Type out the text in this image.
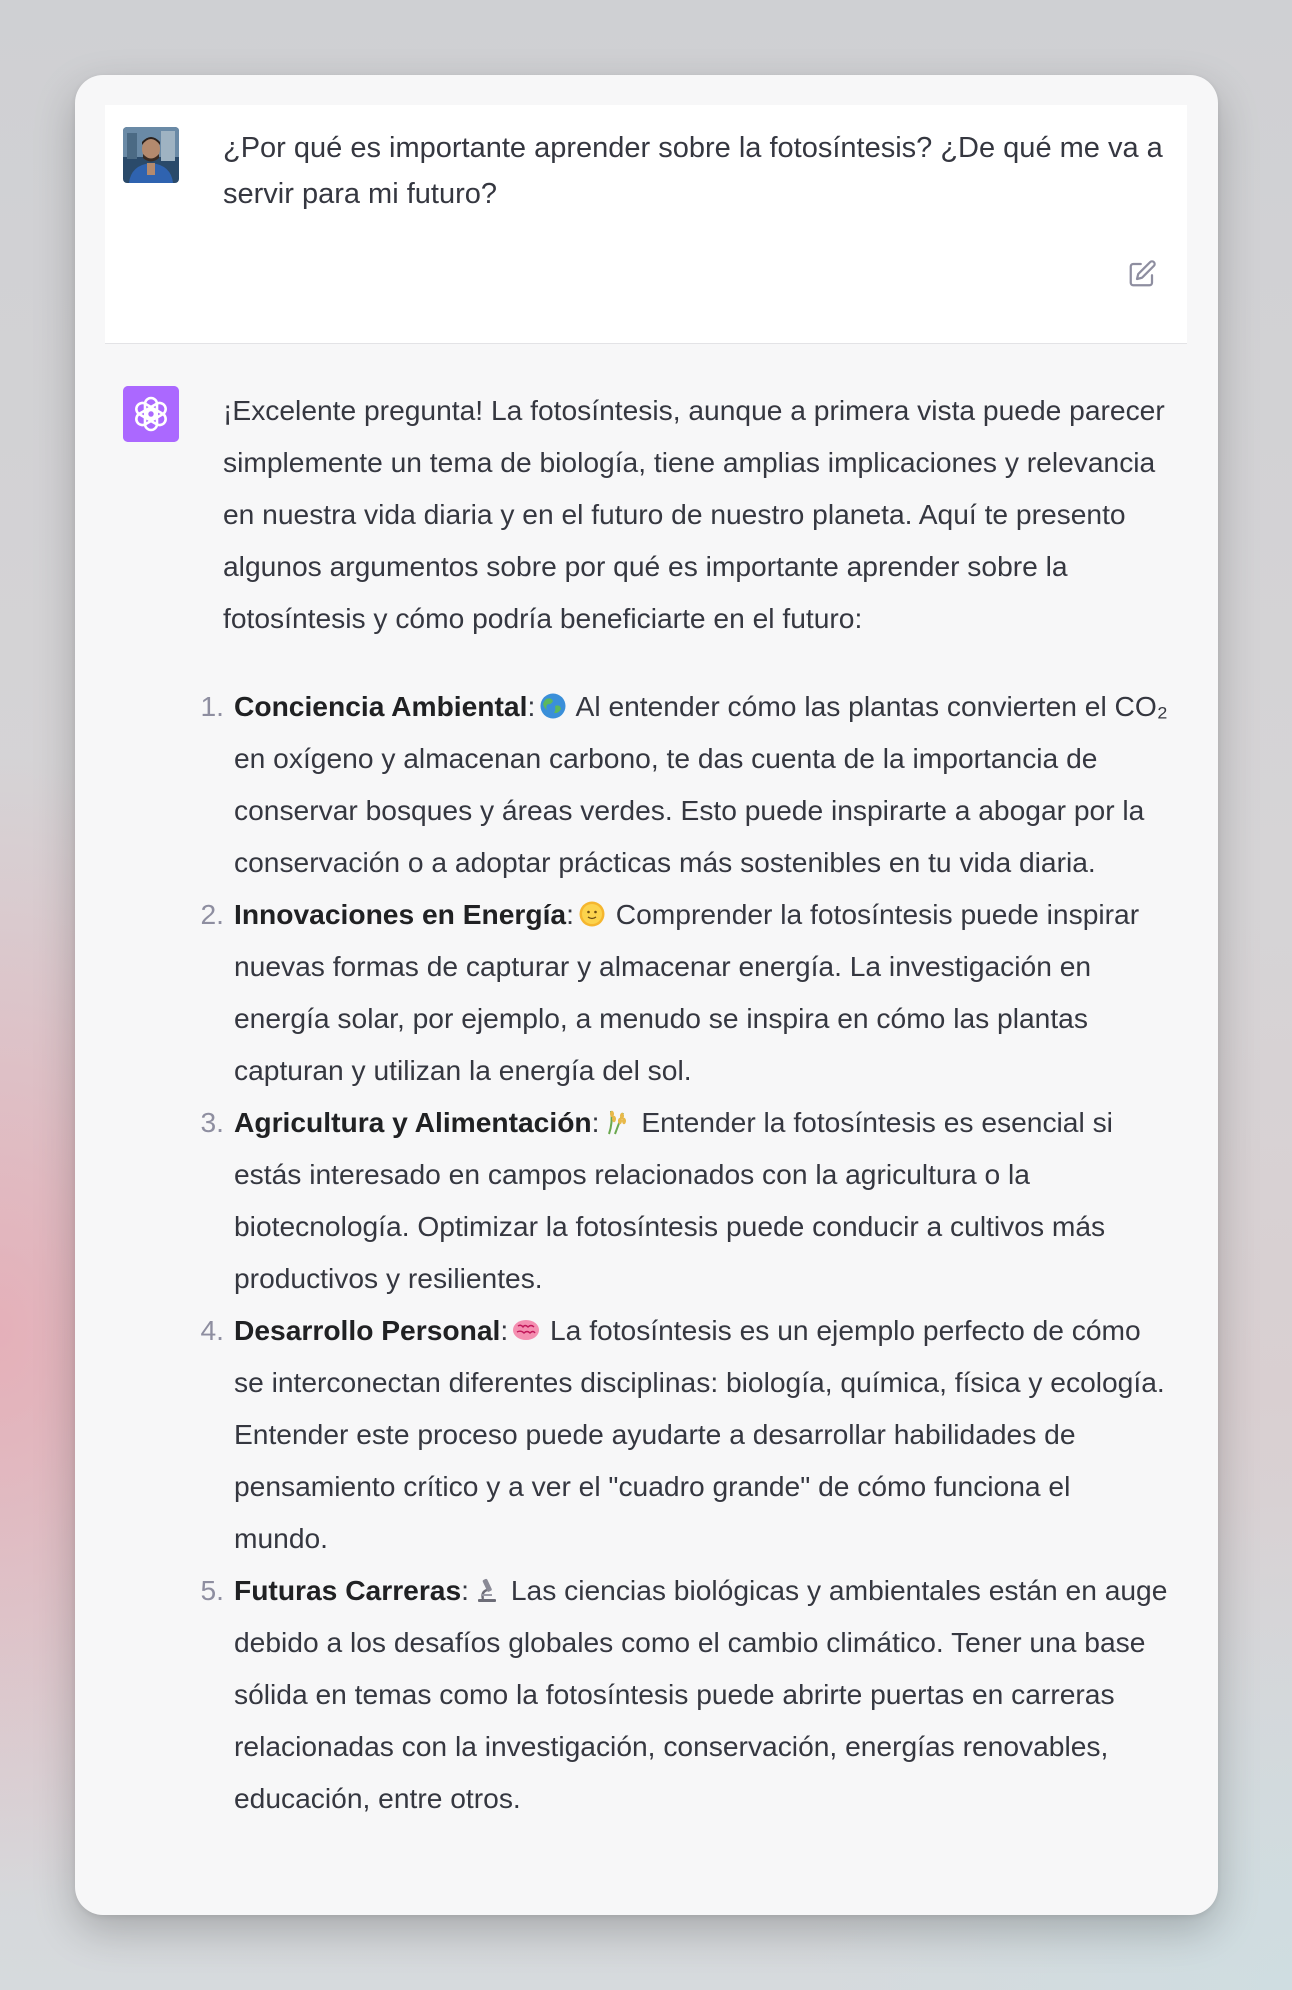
¿Por qué es importante aprender sobre la fotosíntesis? ¿De qué me va a servir para mi futuro?

¡Excelente pregunta! La fotosíntesis, aunque a primera vista puede parecer simplemente un tema de biología, tiene amplias implicaciones y relevancia en nuestra vida diaria y en el futuro de nuestro planeta. Aquí te presento algunos argumentos sobre por qué es importante aprender sobre la fotosíntesis y cómo podría beneficiarte en el futuro:

1. Conciencia Ambiental: Al entender cómo las plantas convierten el CO₂ en oxígeno y almacenan carbono, te das cuenta de la importancia de conservar bosques y áreas verdes. Esto puede inspirarte a abogar por la conservación o a adoptar prácticas más sostenibles en tu vida diaria.
2. Innovaciones en Energía: Comprender la fotosíntesis puede inspirar nuevas formas de capturar y almacenar energía. La investigación en energía solar, por ejemplo, a menudo se inspira en cómo las plantas capturan y utilizan la energía del sol.
3. Agricultura y Alimentación: Entender la fotosíntesis es esencial si estás interesado en campos relacionados con la agricultura o la biotecnología. Optimizar la fotosíntesis puede conducir a cultivos más productivos y resilientes.
4. Desarrollo Personal: La fotosíntesis es un ejemplo perfecto de cómo se interconectan diferentes disciplinas: biología, química, física y ecología. Entender este proceso puede ayudarte a desarrollar habilidades de pensamiento crítico y a ver el "cuadro grande" de cómo funciona el mundo.
5. Futuras Carreras: Las ciencias biológicas y ambientales están en auge debido a los desafíos globales como el cambio climático. Tener una base sólida en temas como la fotosíntesis puede abrirte puertas en carreras relacionadas con la investigación, conservación, energías renovables, educación, entre otros.
